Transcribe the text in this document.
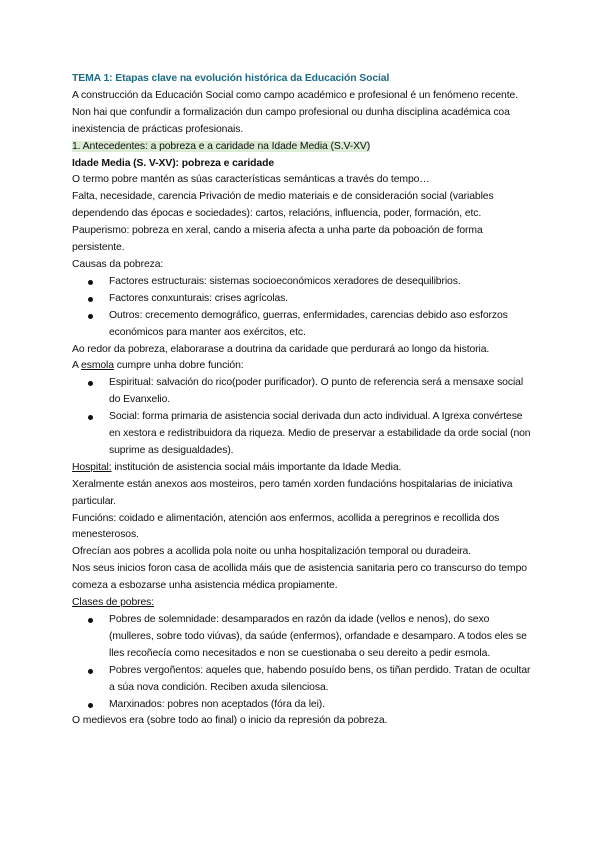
TEMA 1: Etapas clave na evolución histórica da Educación Social

A construcción da Educación Social como campo académico e profesional é un fenómeno recente.

Non hai que confundir a formalización dun campo profesional ou dunha disciplina académica coa inexistencia de prácticas profesionais.

1. Antecedentes: a pobreza e a caridade na Idade Media (S.V-XV)

Idade Media (S. V-XV): pobreza e caridade

O termo pobre mantén as súas características semánticas a través do tempo…

Falta, necesidade, carencia Privación de medio materiais e de consideración social (variables dependendo das épocas e sociedades): cartos, relacións, influencia, poder, formación, etc.

Pauperismo: pobreza en xeral, cando a miseria afecta a unha parte da poboación de forma persistente.

Causas da pobreza:

Factores estructurais: sistemas socioeconómicos xeradores de desequilibrios.
Factores conxunturais: crises agrícolas.
Outros: crecemento demográfico, guerras, enfermidades, carencias debido aso esforzos económicos para manter aos exércitos, etc.

Ao redor da pobreza, elaborarase a doutrina da caridade que perdurará ao longo da historia.

A esmola cumpre unha dobre función:

Espiritual: salvación do rico(poder purificador). O punto de referencia será a mensaxe social do Evanxelio.
Social: forma primaria de asistencia social derivada dun acto individual. A Igrexa convértese en xestora e redistribuidora da riqueza. Medio de preservar a estabilidade da orde social (non suprime as desigualdades).

Hospital: institución de asistencia social máis importante da Idade Media.

Xeralmente están anexos aos mosteiros, pero tamén xorden fundacións hospitalarias de iniciativa particular.

Funcións: coidado e alimentación, atención aos enfermos, acollida a peregrinos e recollida dos menesterosos.

Ofrecían aos pobres a acollida pola noite ou unha hospitalización temporal ou duradeira.

Nos seus inicios foron casa de acollida máis que de asistencia sanitaria pero co transcurso do tempo comeza a esbozarse unha asistencia médica propiamente.

Clases de pobres:

Pobres de solemnidade: desamparados en razón da idade (vellos e nenos), do sexo (mulleres, sobre todo viúvas), da saúde (enfermos), orfandade e desamparo. A todos eles se lles recoñecía como necesitados e non se cuestionaba o seu dereito a pedir esmola.
Pobres vergoñentos: aqueles que, habendo posuído bens, os tiñan perdido. Tratan de ocultar a súa nova condición. Reciben axuda silenciosa.
Marxinados: pobres non aceptados (fóra da lei).

O medievos era (sobre todo ao final) o inicio da represión da pobreza.
